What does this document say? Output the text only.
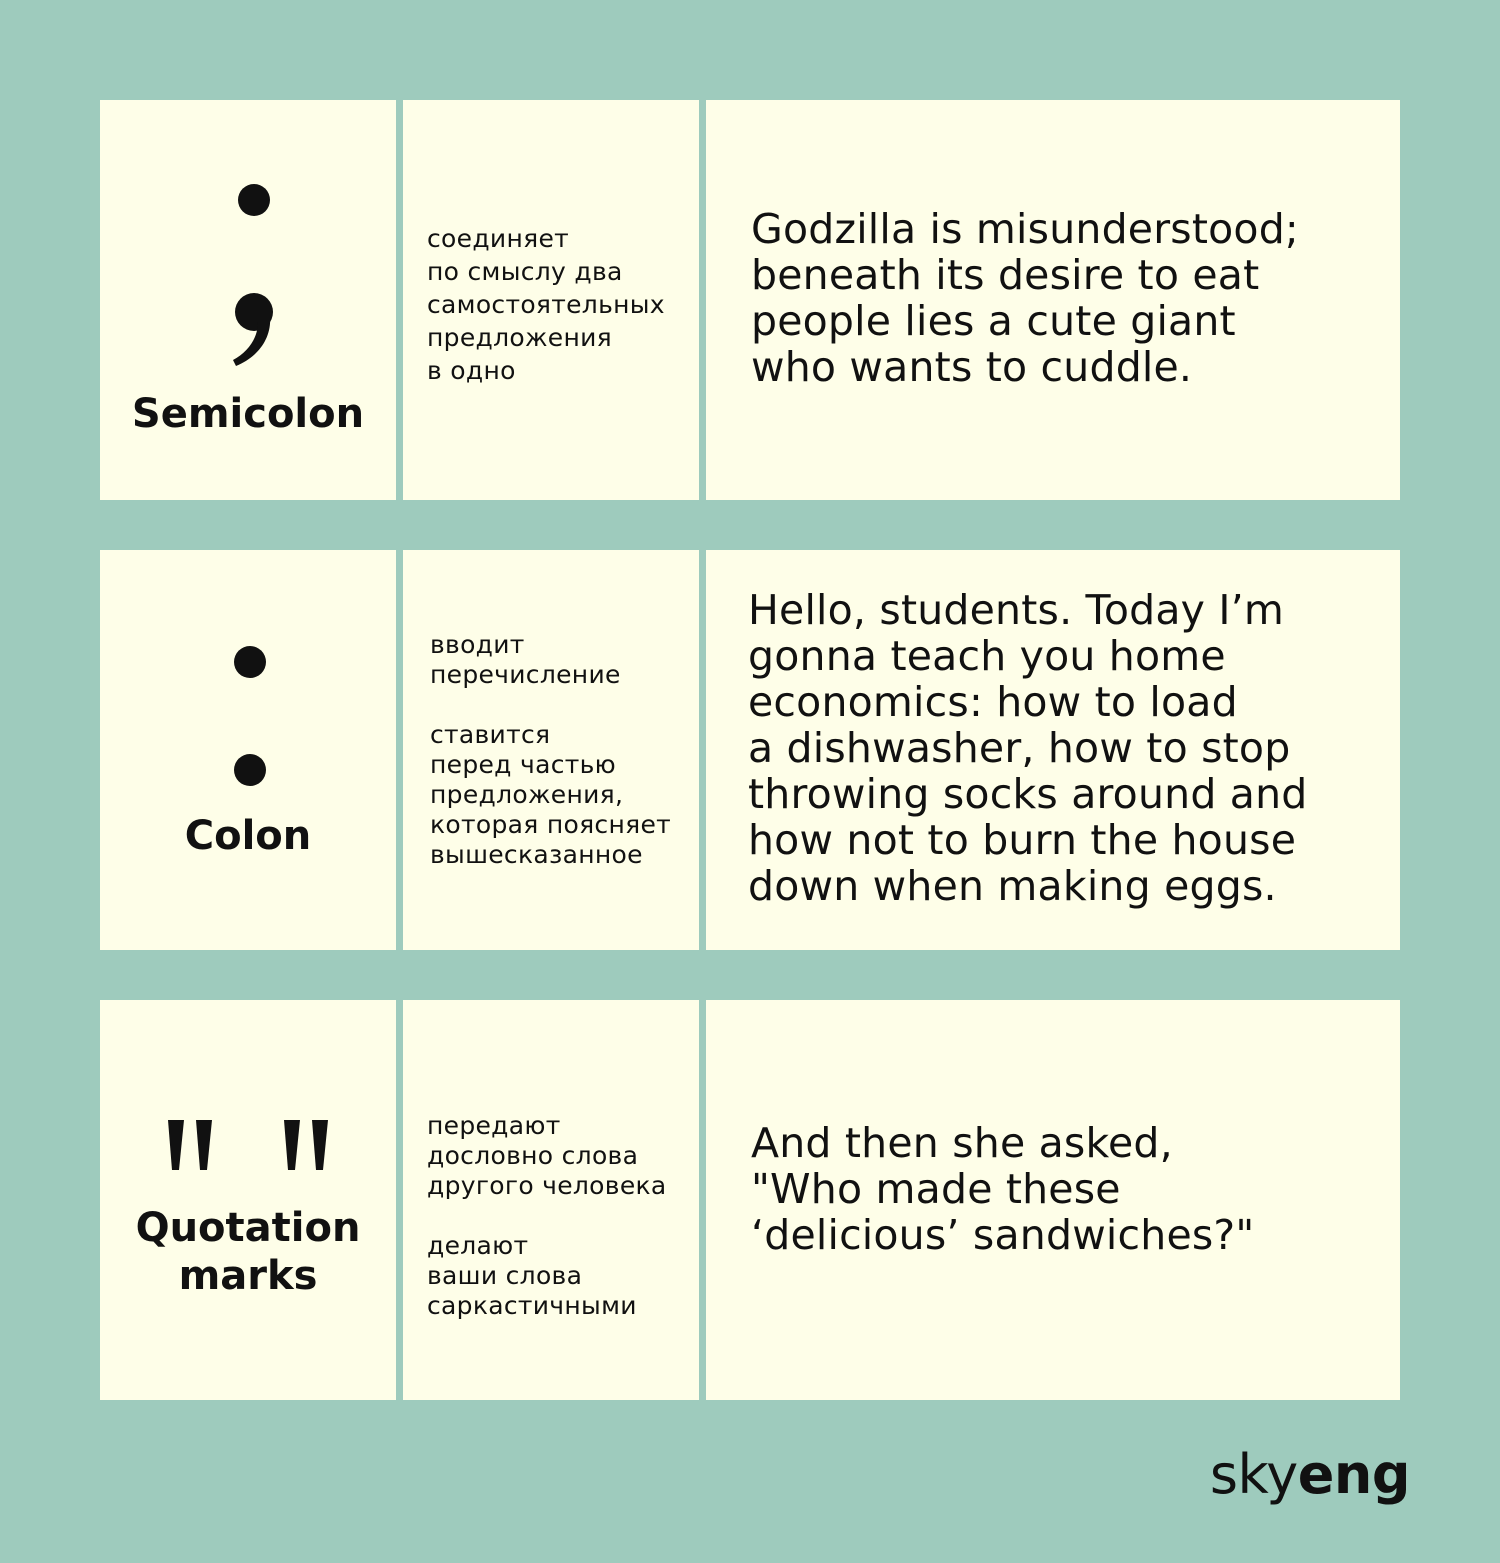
Semicolon

соединяет
по смыслу два
самостоятельных
предложения
в одно

Godzilla is misunderstood;
beneath its desire to eat
people lies a cute giant
who wants to cuddle.
Colon

вводит
перечисление

ставится
перед частью
предложения,
которая поясняет
вышесказанное

Hello, students. Today I’m
gonna teach you home
economics: how to load
a dishwasher, how to stop
throwing socks around and
how not to burn the house
down when making eggs.
Quotation
marks

передают
дословно слова
другого человека

делают
ваши слова
саркастичными

And then she asked,
"Who made these
‘delicious’ sandwiches?"
skyeng
